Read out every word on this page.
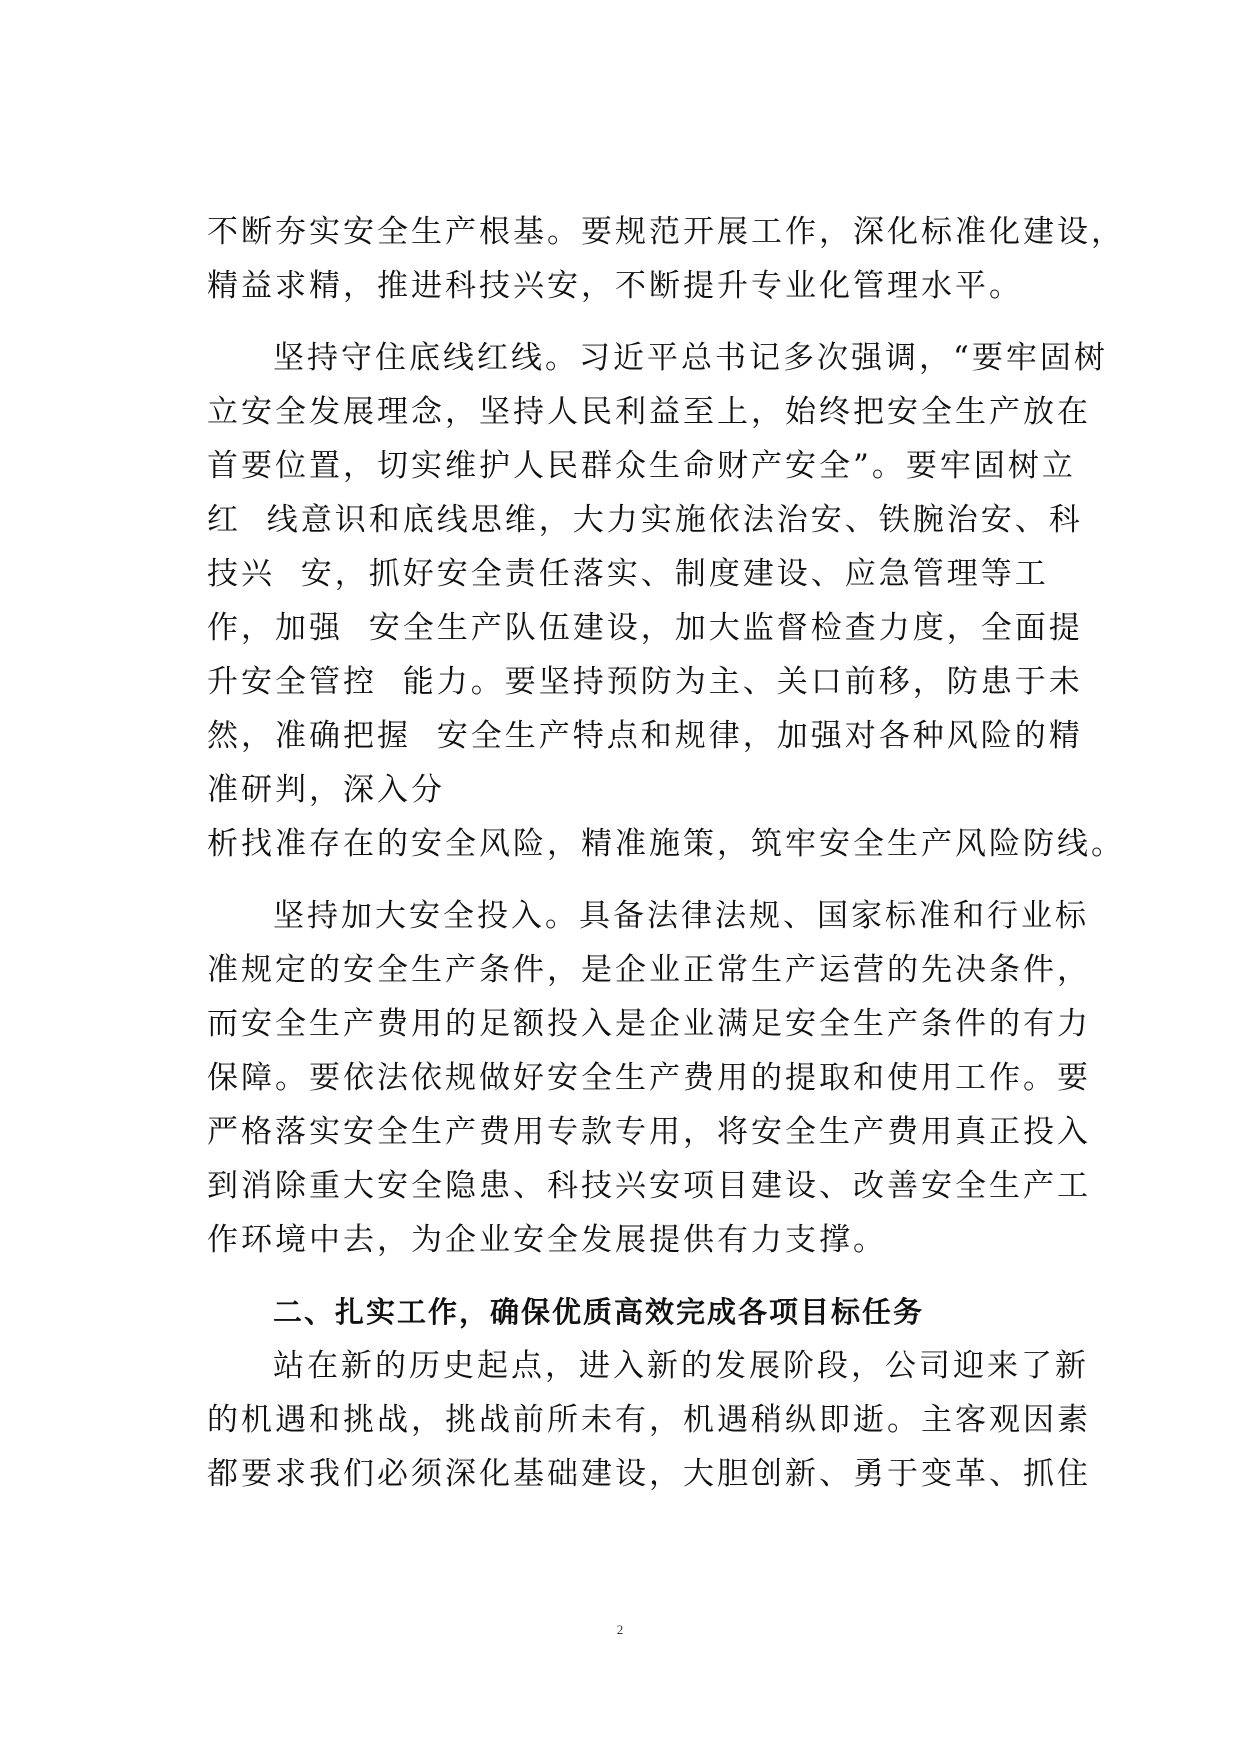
不断夯实安全生产根基。要规范开展工作，深化标准化建设，

精益求精，推进科技兴安，不断提升专业化管理水平。

坚持守住底线红线。习近平总书记多次强调，“要牢固树

立安全发展理念，坚持人民利益至上，始终把安全生产放在

首要位置，切实维护人民群众生命财产安全”。要牢固树立

红  线意识和底线思维，大力实施依法治安、铁腕治安、科

技兴  安，抓好安全责任落实、制度建设、应急管理等工

作，加强  安全生产队伍建设，加大监督检查力度，全面提

升安全管控  能力。要坚持预防为主、关口前移，防患于未

然，准确把握  安全生产特点和规律，加强对各种风险的精

准研判，深入分

析找准存在的安全风险，精准施策，筑牢安全生产风险防线。

坚持加大安全投入。具备法律法规、国家标准和行业标

准规定的安全生产条件，是企业正常生产运营的先决条件，

而安全生产费用的足额投入是企业满足安全生产条件的有力

保障。要依法依规做好安全生产费用的提取和使用工作。要

严格落实安全生产费用专款专用，将安全生产费用真正投入

到消除重大安全隐患、科技兴安项目建设、改善安全生产工

作环境中去，为企业安全发展提供有力支撑。

二、扎实工作，确保优质高效完成各项目标任务

站在新的历史起点，进入新的发展阶段，公司迎来了新

的机遇和挑战，挑战前所未有，机遇稍纵即逝。主客观因素

都要求我们必须深化基础建设，大胆创新、勇于变革、抓住

2
